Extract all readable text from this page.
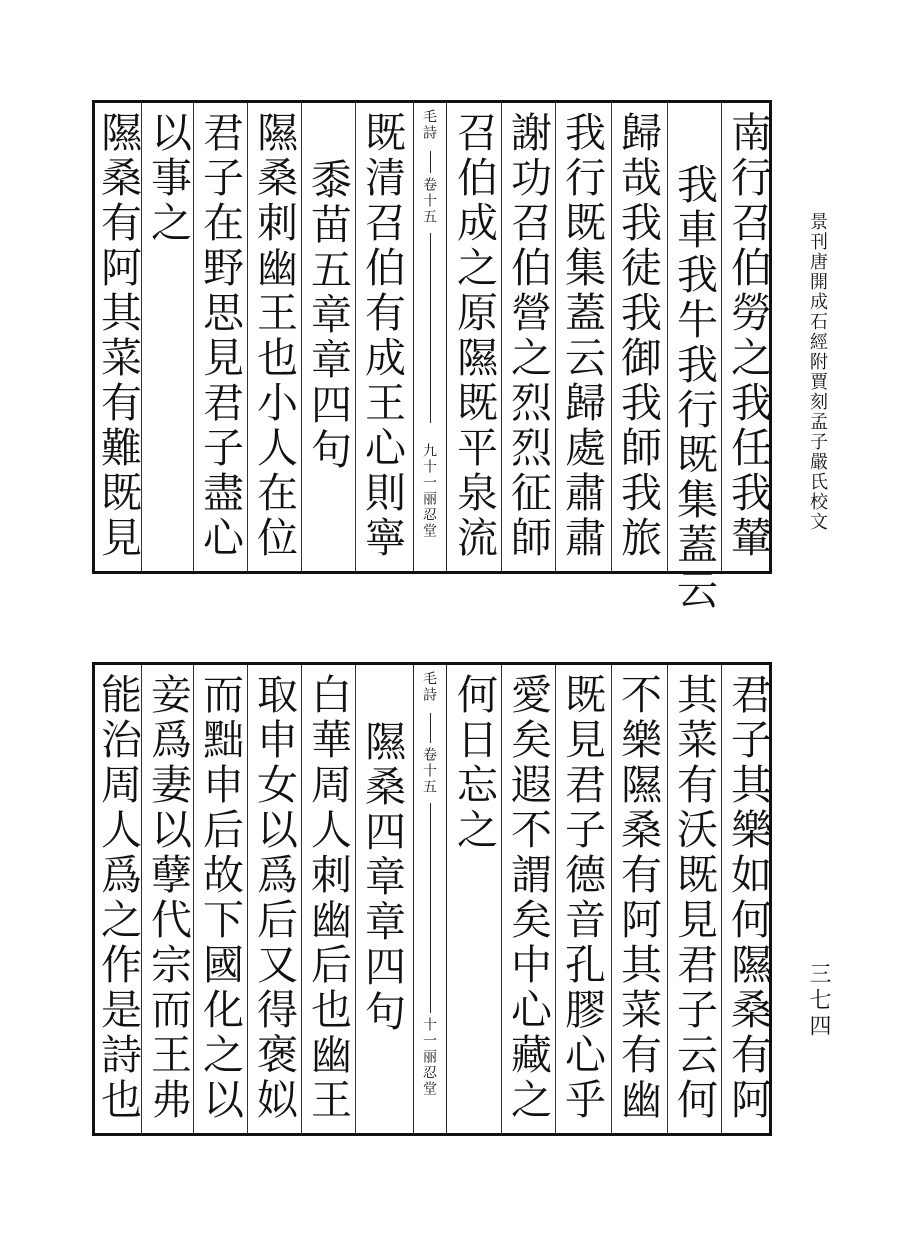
景刊唐開成石經附賈刻孟子嚴氏校文
三七四
南行召伯勞之我任我輦
我車我牛我行既集蓋云
歸哉我徒我御我師我旅
我行既集蓋云歸處肅肅
謝功召伯營之烈烈征師
召伯成之原隰既平泉流
毛詩
卷十五
九十一丽忍堂
既清召伯有成王心則寧
黍苗五章章四句
隰桑刺幽王也小人在位
君子在野思見君子盡心
以事之
隰桑有阿其菜有難既見
君子其樂如何隰桑有阿
其菜有沃既見君子云何
不樂隰桑有阿其菜有幽
既見君子德音孔膠心乎
愛矣遐不謂矣中心藏之
何日忘之
毛詩
卷十五
十一丽忍堂
隰桑四章章四句
白華周人刺幽后也幽王
取申女以爲后又得褒姒
而黜申后故下國化之以
妾爲妻以孽代宗而王弗
能治周人爲之作是詩也
